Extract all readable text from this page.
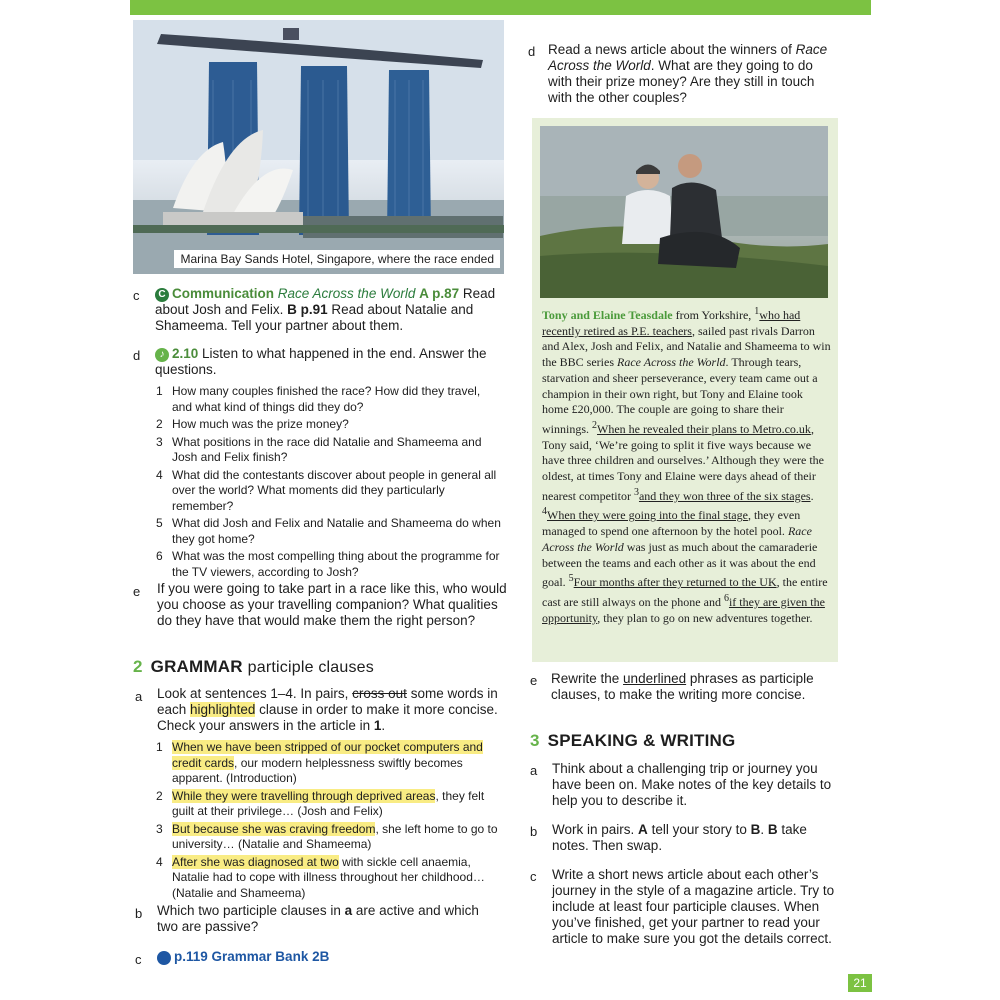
Marina Bay Sands Hotel, Singapore, where the race ended
c	C Communication Race Across the World A p.87 Read about Josh and Felix. B p.91 Read about Natalie and Shameema. Tell your partner about them.
d	♪ 2.10 Listen to what happened in the end. Answer the questions.
1 How many couples finished the race? How did they travel, and what kind of things did they do?
2 How much was the prize money?
3 What positions in the race did Natalie and Shameema and Josh and Felix finish?
4 What did the contestants discover about people in general all over the world? What moments did they particularly remember?
5 What did Josh and Felix and Natalie and Shameema do when they got home?
6 What was the most compelling thing about the programme for the TV viewers, according to Josh?
e If you were going to take part in a race like this, who would you choose as your travelling companion? What qualities do they have that would make them the right person?
2 GRAMMAR participle clauses
a Look at sentences 1–4. In pairs, cross out some words in each highlighted clause in order to make it more concise. Check your answers in the article in 1.
1 When we have been stripped of our pocket computers and credit cards, our modern helplessness swiftly becomes apparent. (Introduction)
2 While they were travelling through deprived areas, they felt guilt at their privilege… (Josh and Felix)
3 But because she was craving freedom, she left home to go to university… (Natalie and Shameema)
4 After she was diagnosed at two with sickle cell anaemia, Natalie had to cope with illness throughout her childhood… (Natalie and Shameema)
b Which two participle clauses in a are active and which two are passive?
c	G p.119 Grammar Bank 2B
d Read a news article about the winners of Race Across the World. What are they going to do with their prize money? Are they still in touch with the other couples?
Tony and Elaine Teasdale from Yorkshire, $^1$who had recently retired as P.E. teachers, sailed past rivals Darron and Alex, Josh and Felix, and Natalie and Shameema to win the BBC series Race Across the World. Through tears, starvation and sheer perseverance, every team came out a champion in their own right, but Tony and Elaine took home £20,000. The couple are going to share their winnings. $^2$When he revealed their plans to Metro.co.uk, Tony said, ‘We’re going to split it five ways because we have three children and ourselves.’ Although they were the oldest, at times Tony and Elaine were days ahead of their nearest competitor $^3$and they won three of the six stages. $^4$When they were going into the final stage, they even managed to spend one afternoon by the hotel pool. Race Across the World was just as much about the camaraderie between the teams and each other as it was about the end goal. $^5$Four months after they returned to the UK, the entire cast are still always on the phone and $^6$if they are given the opportunity, they plan to go on new adventures together.
e Rewrite the underlined phrases as participle clauses, to make the writing more concise.
3 SPEAKING & WRITING
a Think about a challenging trip or journey you have been on. Make notes of the key details to help you to describe it.
b Work in pairs. A tell your story to B. B take notes. Then swap.
c Write a short news article about each other’s journey in the style of a magazine article. Try to include at least four participle clauses. When you’ve finished, get your partner to read your article to make sure you got the details correct.
21
